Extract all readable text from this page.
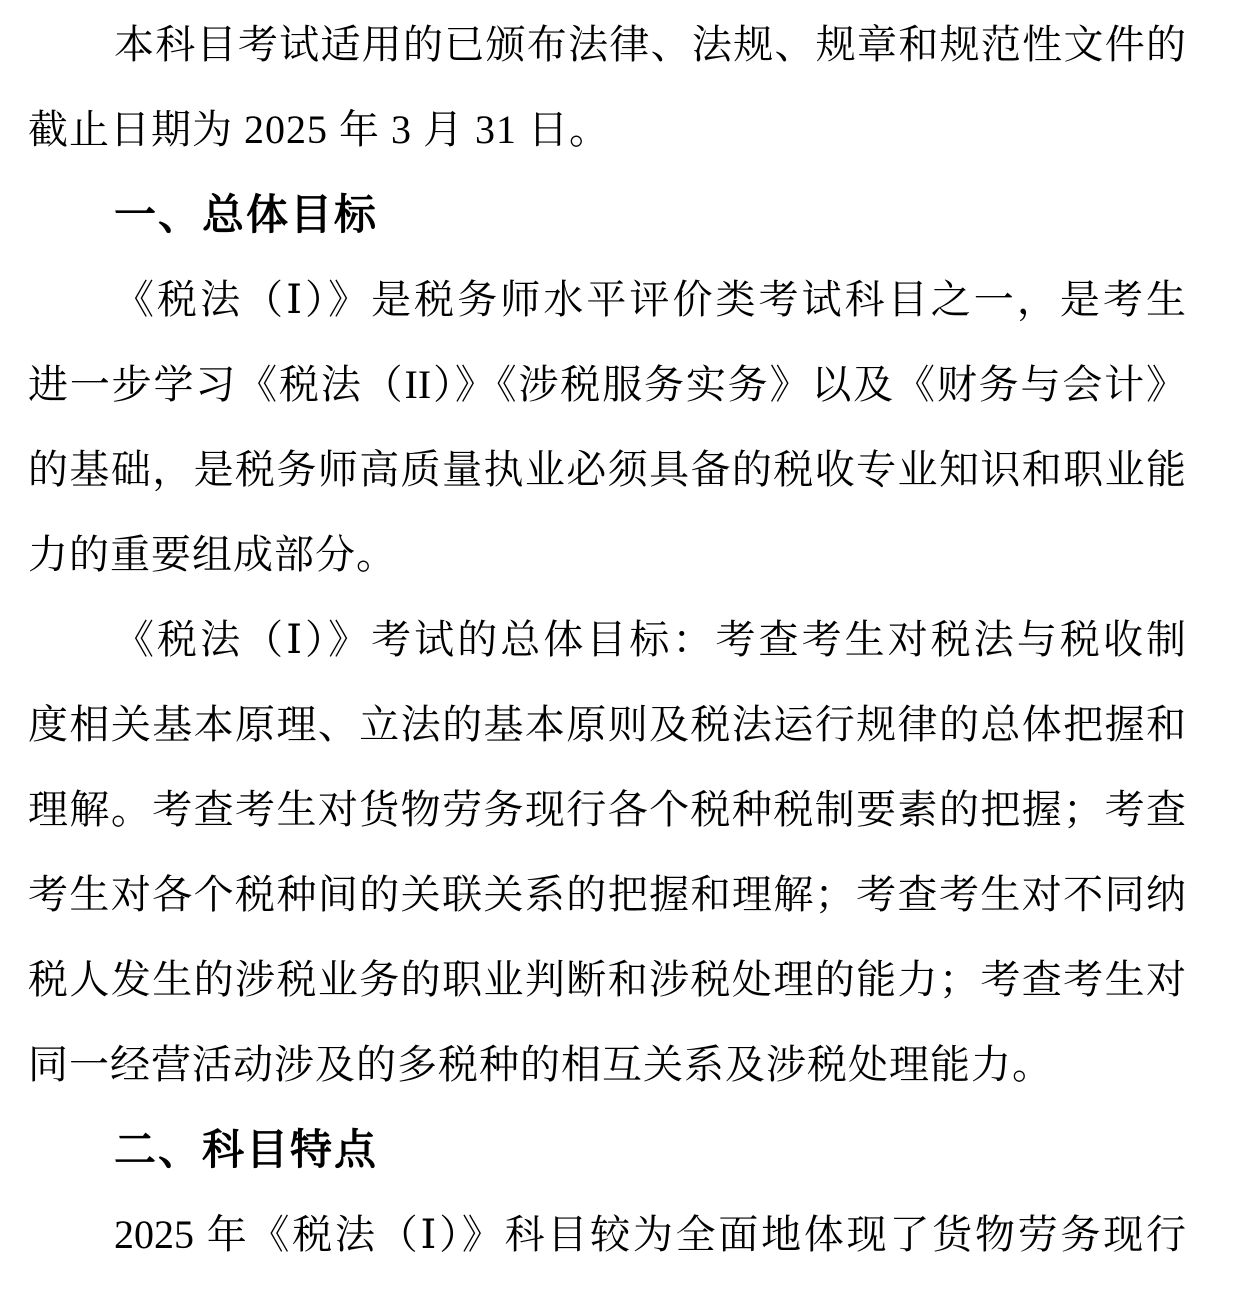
本科目考试适用的已颁布法律、法规、规章和规范性文件的
截止日期为 2025 年 3 月 31 日。
一、总体目标
《税法（Ⅰ）》是税务师水平评价类考试科目之一，是考生
进一步学习《税法（II）》《涉税服务实务》以及《财务与会计》
的基础，是税务师高质量执业必须具备的税收专业知识和职业能
力的重要组成部分。
《税法（Ⅰ）》考试的总体目标：考查考生对税法与税收制
度相关基本原理、立法的基本原则及税法运行规律的总体把握和
理解。考查考生对货物劳务现行各个税种税制要素的把握；考查
考生对各个税种间的关联关系的把握和理解；考查考生对不同纳
税人发生的涉税业务的职业判断和涉税处理的能力；考查考生对
同一经营活动涉及的多税种的相互关系及涉税处理能力。
二、科目特点
2025 年《税法（Ⅰ）》科目较为全面地体现了货物劳务现行
